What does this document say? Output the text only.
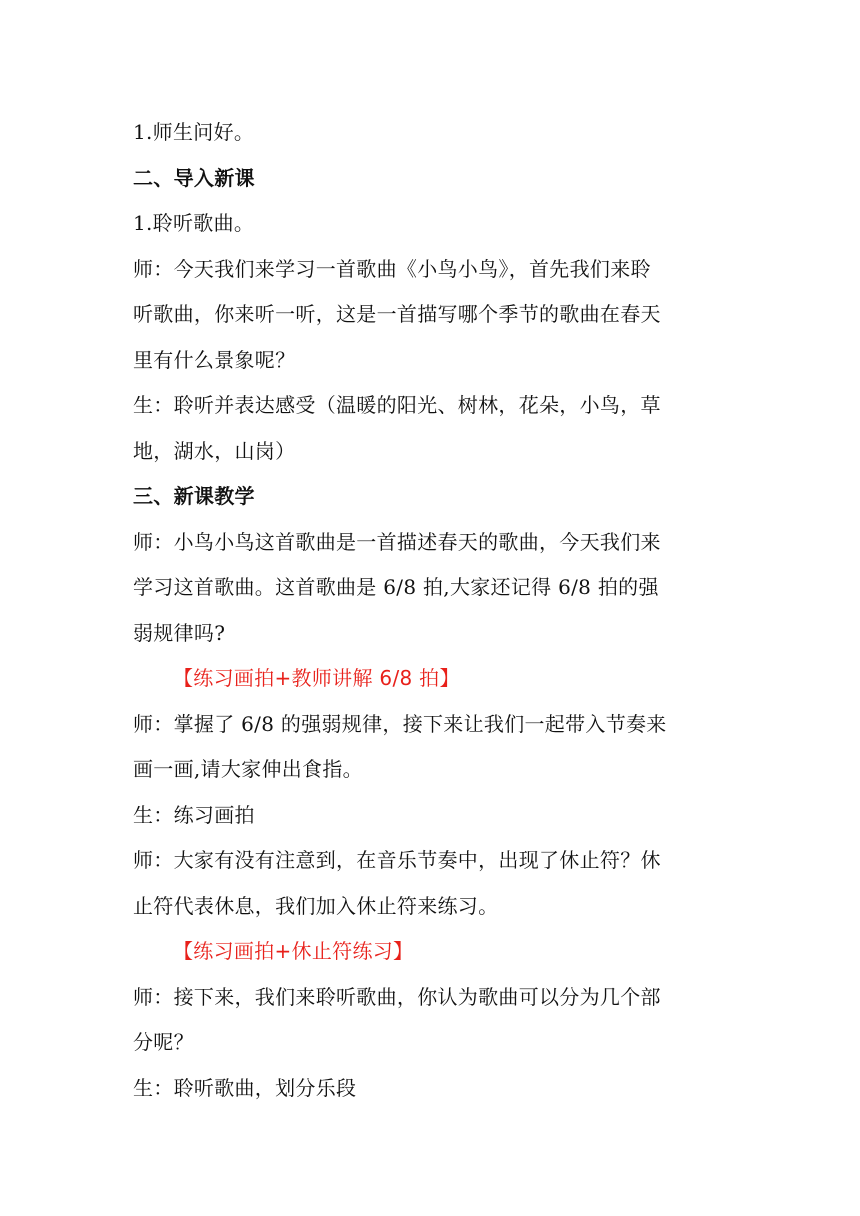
1.师生问好。
二、导入新课
1.聆听歌曲。
师：今天我们来学习一首歌曲《小鸟小鸟》，首先我们来聆
听歌曲，你来听一听，这是一首描写哪个季节的歌曲在春天
里有什么景象呢？
生：聆听并表达感受（温暖的阳光、树林，花朵，小鸟，草
地，湖水，山岗）
三、新课教学
师：小鸟小鸟这首歌曲是一首描述春天的歌曲，今天我们来
学习这首歌曲。这首歌曲是 6/8 拍,大家还记得 6/8 拍的强
弱规律吗?
【练习画拍+教师讲解 6/8 拍】
师：掌握了 6/8 的强弱规律，接下来让我们一起带入节奏来
画一画,请大家伸出食指。
生：练习画拍
师：大家有没有注意到，在音乐节奏中，出现了休止符？休
止符代表休息，我们加入休止符来练习。
【练习画拍+休止符练习】
师：接下来，我们来聆听歌曲，你认为歌曲可以分为几个部
分呢？
生：聆听歌曲，划分乐段
